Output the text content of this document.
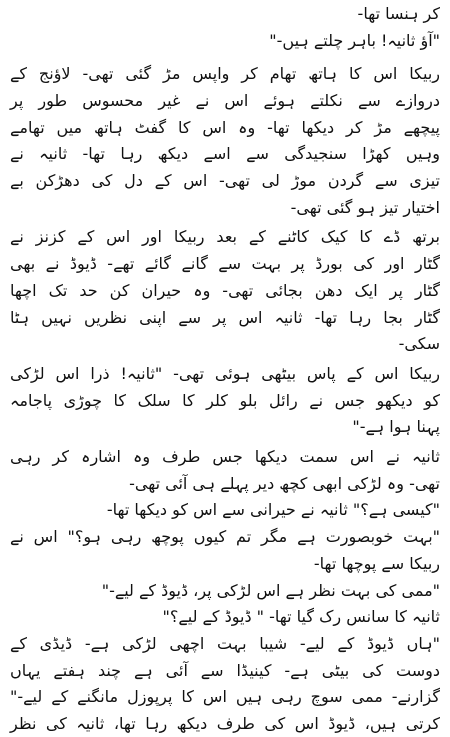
کر ہنسا تھا-
"آؤ ثانیہ! باہر چلتے ہیں-"
ربیکا اس کا ہاتھ تھام کر واپس مڑ گئی تھی- لاؤنج کے
دروازے سے نکلتے ہوئے اس نے غیر محسوس طور پر
پیچھے مڑ کر دیکھا تھا- وہ اس کا گفٹ ہاتھ میں تھامے
وہیں کھڑا سنجیدگی سے اسے دیکھ رہا تھا- ثانیہ نے
تیزی سے گردن موڑ لی تھی- اس کے دل کی دھڑکن بے
اختیار تیز ہو گئی تھی-
برتھ ڈے کا کیک کاٹنے کے بعد ربیکا اور اس کے کزنز نے
گٹار اور کی بورڈ پر بہت سے گانے گائے تھے- ڈیوڈ نے بھی
گٹار پر ایک دھن بجائی تھی- وہ حیران کن حد تک اچھا
گٹار بجا رہا تھا- ثانیہ اس پر سے اپنی نظریں نہیں ہٹا
سکی-
ربیکا اس کے پاس بیٹھی ہوئی تھی- "ثانیہ! ذرا اس لڑکی
کو دیکھو جس نے رائل بلو کلر کا سلک کا چوڑی پاجامہ
پہنا ہوا ہے-"
ثانیہ نے اس سمت دیکھا جس طرف وہ اشارہ کر رہی
تھی- وہ لڑکی ابھی کچھ دیر پہلے ہی آئی تھی-
"کیسی ہے؟" ثانیہ نے حیرانی سے اس کو دیکھا تھا-
"بہت خوبصورت ہے مگر تم کیوں پوچھ رہی ہو؟" اس نے
ربیکا سے پوچھا تھا-
"ممی کی بہت نظر ہے اس لڑکی پر، ڈیوڈ کے لیے-"
ثانیہ کا سانس رک گیا تھا- " ڈیوڈ کے لیے؟"
"ہاں ڈیوڈ کے لیے- شیبا بہت اچھی لڑکی ہے- ڈیڈی کے
دوست کی بیٹی ہے- کینیڈا سے آئی ہے چند ہفتے یہاں
گزارنے- ممی سوچ رہی ہیں اس کا پرپوزل مانگنے کے لیے-"
کرتی ہیں، ڈیوڈ اس کی طرف دیکھ رہا تھا، ثانیہ کی نظر
